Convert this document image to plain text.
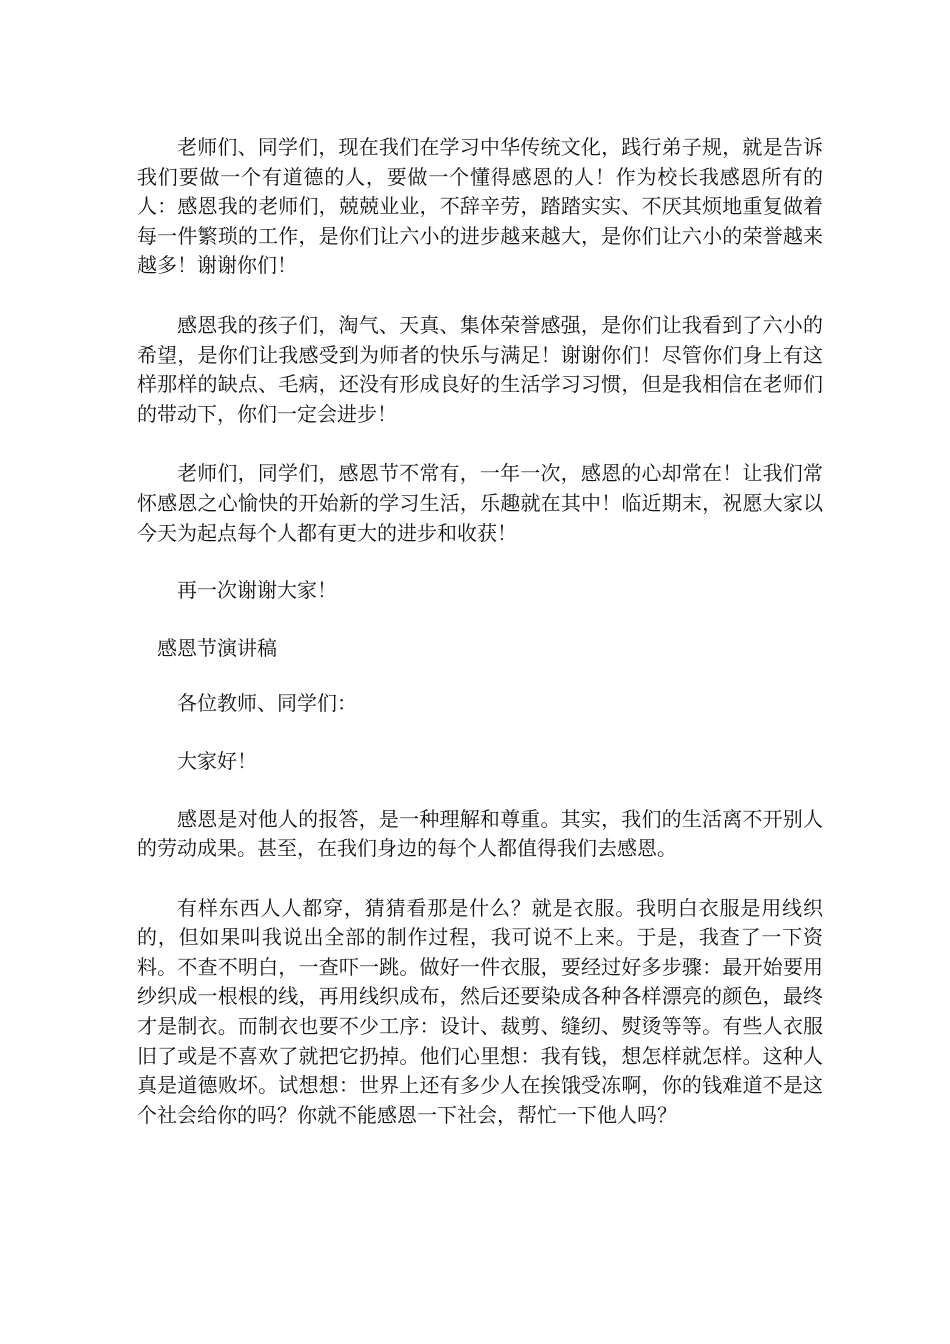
老师们、同学们，现在我们在学习中华传统文化，践行弟子规，就是告诉我们要做一个有道德的人，要做一个懂得感恩的人！作为校长我感恩所有的人：感恩我的老师们，兢兢业业，不辞辛劳，踏踏实实、不厌其烦地重复做着每一件繁琐的工作，是你们让六小的进步越来越大，是你们让六小的荣誉越来越多！谢谢你们！

感恩我的孩子们，淘气、天真、集体荣誉感强，是你们让我看到了六小的希望，是你们让我感受到为师者的快乐与满足！谢谢你们！尽管你们身上有这样那样的缺点、毛病，还没有形成良好的生活学习习惯，但是我相信在老师们的带动下，你们一定会进步！

老师们，同学们，感恩节不常有，一年一次，感恩的心却常在！让我们常怀感恩之心愉快的开始新的学习生活，乐趣就在其中！临近期末，祝愿大家以今天为起点每个人都有更大的进步和收获！

再一次谢谢大家！

感恩节演讲稿

各位教师、同学们：

大家好！

感恩是对他人的报答，是一种理解和尊重。其实，我们的生活离不开别人的劳动成果。甚至，在我们身边的每个人都值得我们去感恩。

有样东西人人都穿，猜猜看那是什么？就是衣服。我明白衣服是用线织的，但如果叫我说出全部的制作过程，我可说不上来。于是，我查了一下资料。不查不明白，一查吓一跳。做好一件衣服，要经过好多步骤：最开始要用纱织成一根根的线，再用线织成布，然后还要染成各种各样漂亮的颜色，最终才是制衣。而制衣也要不少工序：设计、裁剪、缝纫、熨烫等等。有些人衣服旧了或是不喜欢了就把它扔掉。他们心里想：我有钱，想怎样就怎样。这种人真是道德败坏。试想想：世界上还有多少人在挨饿受冻啊，你的钱难道不是这个社会给你的吗？你就不能感恩一下社会，帮忙一下他人吗？
